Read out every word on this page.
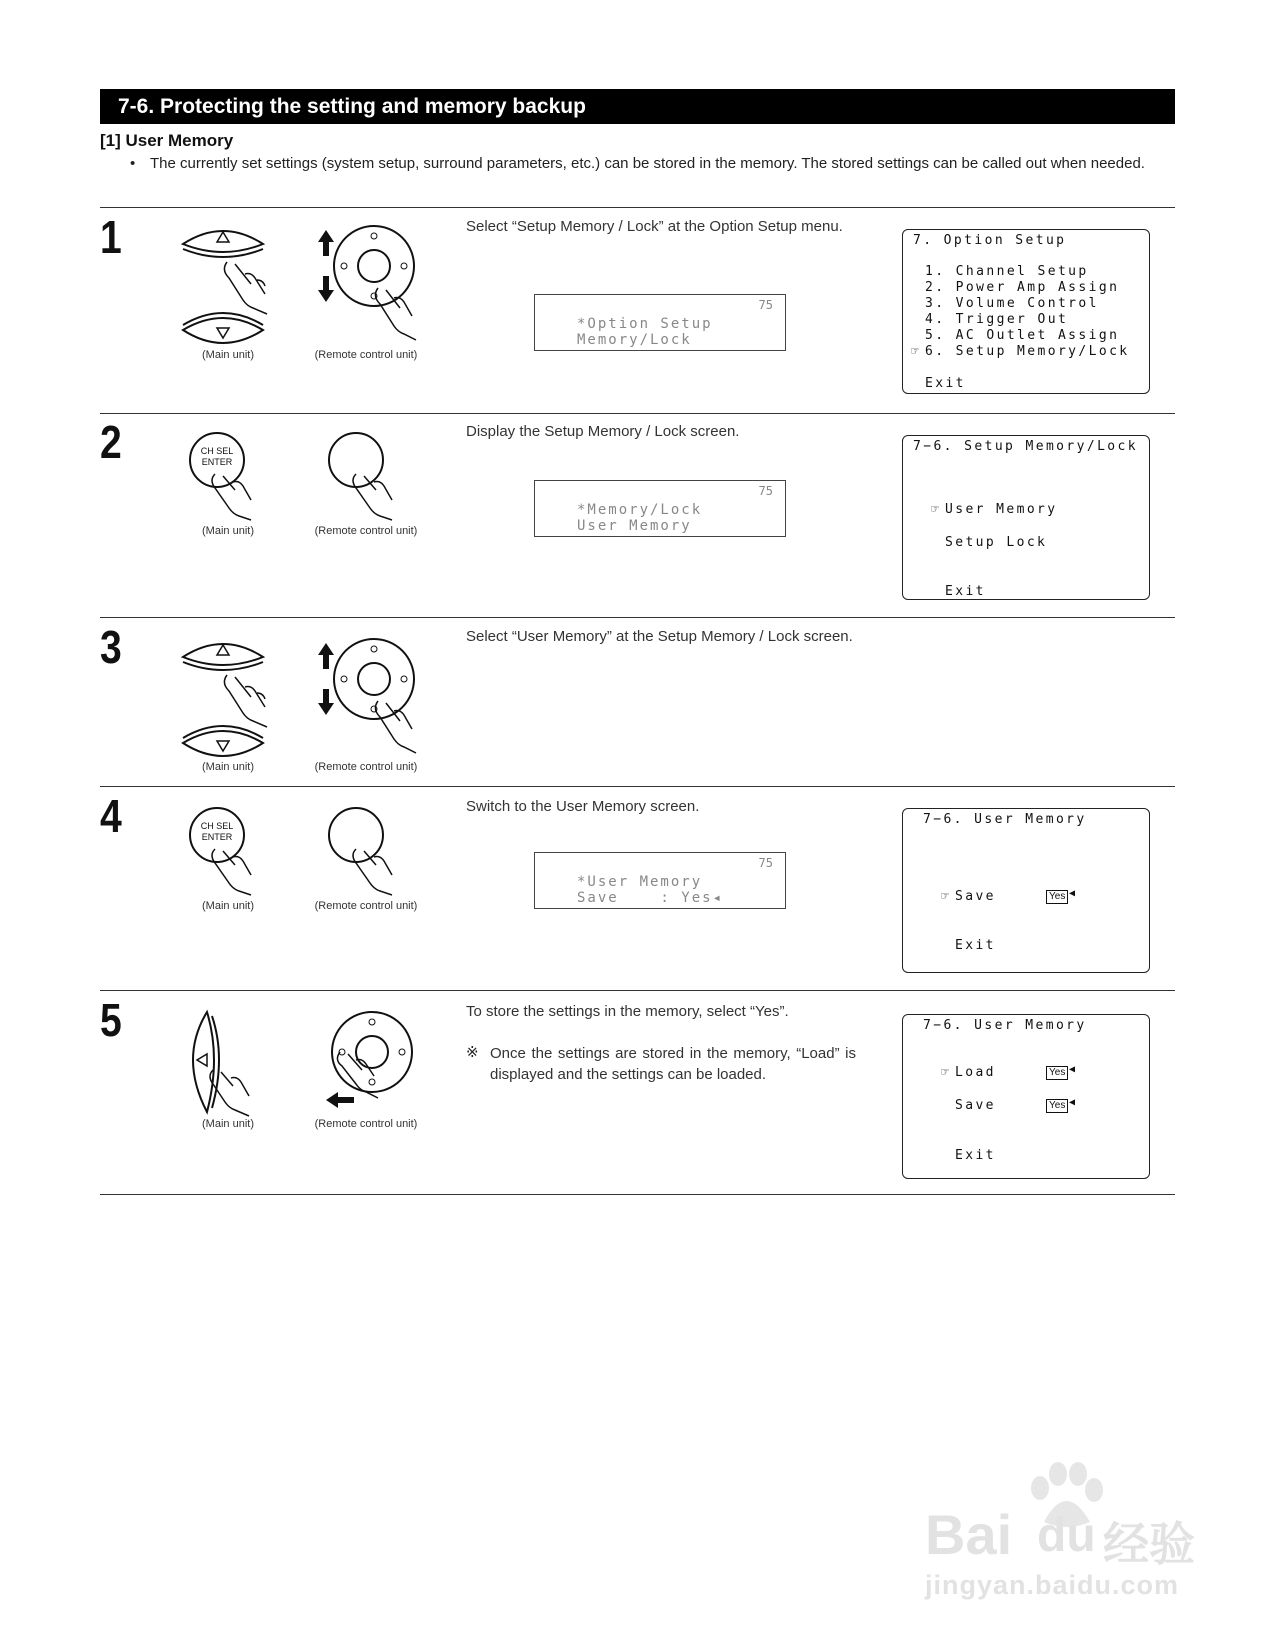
7-6. Protecting the setting and memory backup
[1] User Memory
• The currently set settings (system setup, surround parameters, etc.) can be stored in the memory. The stored settings can be called out when needed.
1
2
3
4
5
(Main unit)	(Remote control unit)
Select “Setup Memory / Lock” at the Option Setup menu.
75
*Option Setup
Memory/Lock
7. Option Setup
1. Channel Setup
2. Power Amp Assign
3. Volume Control
4. Trigger Out
5. AC Outlet Assign
☞ 6. Setup Memory/Lock
Exit
CH SEL
ENTER
(Main unit)	(Remote control unit)
Display the Setup Memory / Lock screen.
75
*Memory/Lock
User Memory
7−6. Setup Memory/Lock
☞ User Memory
Setup Lock
Exit
(Main unit)	(Remote control unit)
Select “User Memory” at the Setup Memory / Lock screen.
CH SEL
ENTER
(Main unit)	(Remote control unit)
Switch to the User Memory screen.
75
*User Memory
Save    : Yes◂
7−6. User Memory
☞ Save	Yes ◀
Exit
(Main unit)	(Remote control unit)
To store the settings in the memory, select “Yes”.
※ Once the settings are stored in the memory, “Load” is displayed and the settings can be loaded.
7−6. User Memory
☞ Load	Yes ◀
Save	Yes ◀
Exit
Bai du 经验
jingyan.baidu.com
